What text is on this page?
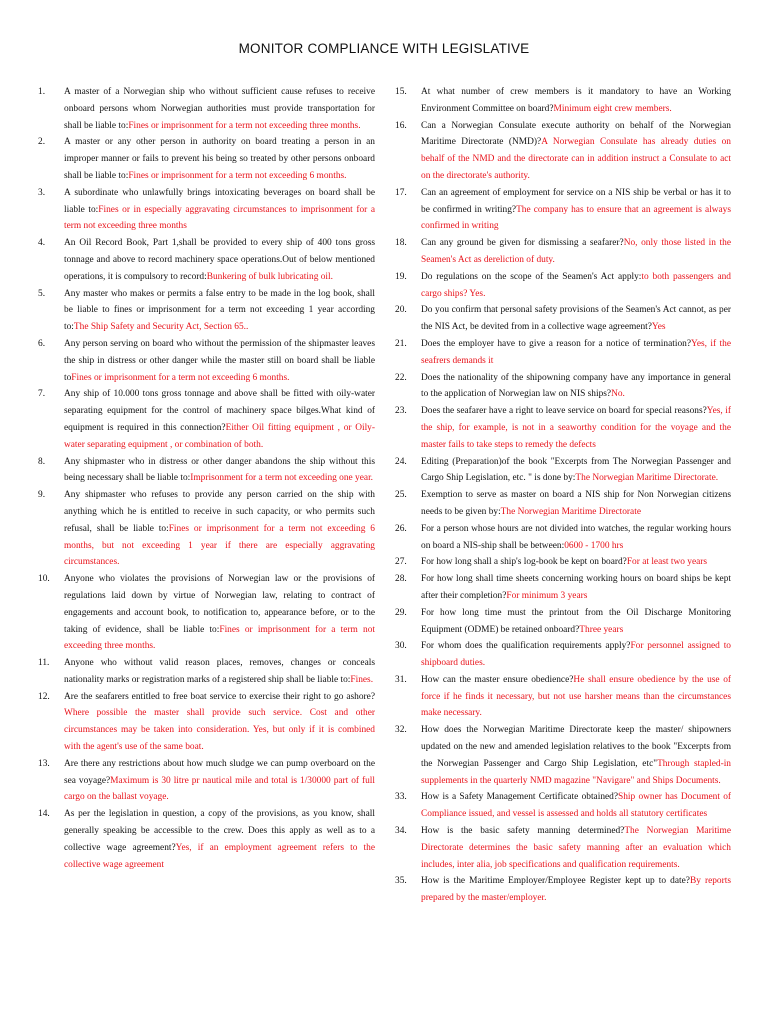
MONITOR COMPLIANCE WITH LEGISLATIVE
1.	A master of a Norwegian ship who without sufficient cause refuses to receive onboard persons whom Norwegian authorities must provide transportation for shall be liable to:Fines or imprisonment for a term not exceeding three months.
2.	A master or any other person in authority on board treating a person in an improper manner or fails to prevent his being so treated by other persons onboard shall be liable to:Fines or imprisonment for a term not exceeding 6 months.
3.	A subordinate who unlawfully brings intoxicating beverages on board shall be liable to:Fines or in especially aggravating circumstances to imprisonment for a term not exceeding three months
4.	An Oil Record Book, Part 1,shall be provided to every ship of 400 tons gross tonnage and above to record machinery space operations.Out of below mentioned operations, it is compulsory to record:Bunkering of bulk lubricating oil.
5.	Any master who makes or permits a false entry to be made in the log book, shall be liable to fines or imprisonment for a term not exceeding 1 year according to:The Ship Safety and Security Act, Section 65..
6.	Any person serving on board who without the permission of the shipmaster leaves the ship in distress or other danger while the master still on board shall be liable toFines or imprisonment for a term not exceeding 6 months.
7.	Any ship of 10.000 tons gross tonnage and above shall be fitted with oily-water separating equipment for the control of machinery space bilges.What kind of equipment is required in this connection?Either Oil fitting equipment , or Oily-water separating equipment , or combination of both.
8.	Any shipmaster who in distress or other danger abandons the ship without this being necessary shall be liable to:Imprisonment for a term not exceeding one year.
9.	Any shipmaster who refuses to provide any person carried on the ship with anything which he is entitled to receive in such capacity, or who permits such refusal, shall be liable to:Fines or imprisonment for a term not exceeding 6 months, but not exceeding 1 year if there are especially aggravating circumstances.
10.	Anyone who violates the provisions of Norwegian law or the provisions of regulations laid down by virtue of Norwegian law, relating to contract of engagements and account book, to notification to, appearance before, or to the taking of evidence, shall be liable to:Fines or imprisonment for a term not exceeding three months.
11.	Anyone who without valid reason places, removes, changes or conceals nationality marks or registration marks of a registered ship shall be liable to:Fines.
12.	Are the seafarers entitled to free boat service to exercise their right to go ashore?Where possible the master shall provide such service. Cost and other circumstances may be taken into consideration. Yes, but only if it is combined with the agent's use of the same boat.
13.	Are there any restrictions about how much sludge we can pump overboard on the sea voyage?Maximum is 30 litre pr nautical mile and total is 1/30000 part of full cargo on the ballast voyage.
14.	As per the legislation in question, a copy of the provisions, as you know, shall generally speaking be accessible to the crew. Does this apply as well as to a collective wage agreement?Yes, if an employment agreement refers to the collective wage agreement
15.	At what number of crew members is it mandatory to have an Working Environment Committee on board?Minimum eight crew members.
16.	Can a Norwegian Consulate execute authority on behalf of the Norwegian Maritime Directorate (NMD)?A Norwegian Consulate has already duties on behalf of the NMD and the directorate can in addition instruct a Consulate to act on the directorate's authority.
17.	Can an agreement of employment for service on a NIS ship be verbal or has it to be confirmed in writing?The company has to ensure that an agreement is always confirmed in writing
18.	Can any ground be given for dismissing a seafarer?No, only those listed in the Seamen's Act as dereliction of duty.
19.	Do regulations on the scope of the Seamen's Act apply:to both passengers and cargo ships? Yes.
20.	Do you confirm that personal safety provisions of the Seamen's Act cannot, as per the NIS Act, be devited from in a collective wage agreement?Yes
21.	Does the employer have to give a reason for a notice of termination?Yes, if the seafrers demands it
22.	Does the nationality of the shipowning company have any importance in general to the application of Norwegian law on NIS ships?No.
23.	Does the seafarer have a right to leave service on board for special reasons?Yes, if the ship, for example, is not in a seaworthy condition for the voyage and the master fails to take steps to remedy the defects
24.	Editing (Preparation)of the book "Excerpts from The Norwegian Passenger and Cargo Ship Legislation, etc. " is done by:The Norwegian Maritime Directorate.
25.	Exemption to serve as master on board a NIS ship for Non Norwegian citizens needs to be given by:The Norwegian Maritime Directorate
26.	For a person whose hours are not divided into watches, the regular working hours on board a NIS-ship shall be between:0600 - 1700 hrs
27.	For how long shall a ship's log-book be kept on board?For at least two years
28.	For how long shall time sheets concerning working hours on board ships be kept after their completion?For minimum 3 years
29.	For how long time must the printout from the Oil Discharge Monitoring Equipment (ODME) be retained onboard?Three years
30.	For whom does the qualification requirements apply?For personnel assigned to shipboard duties.
31.	How can the master ensure obedience?He shall ensure obedience by the use of force if he finds it necessary, but not use harsher means than the circumstances make necessary.
32.	How does the Norwegian Maritime Directorate keep the master/ shipowners updated on the new and amended legislation relatives to the book "Excerpts from the Norwegian Passenger and Cargo Ship Legislation, etc"Through stapled-in supplements in the quarterly NMD magazine "Navigare" and Ships Documents.
33.	How is a Safety Management Certificate obtained?Ship owner has Document of Compliance issued, and vessel is assessed and holds all statutory certificates
34.	How is the basic safety manning determined?The Norwegian Maritime Directorate determines the basic safety manning after an evaluation which includes, inter alia, job specifications and qualification requirements.
35.	How is the Maritime Employer/Employee Register kept up to date?By reports prepared by the master/employer.
